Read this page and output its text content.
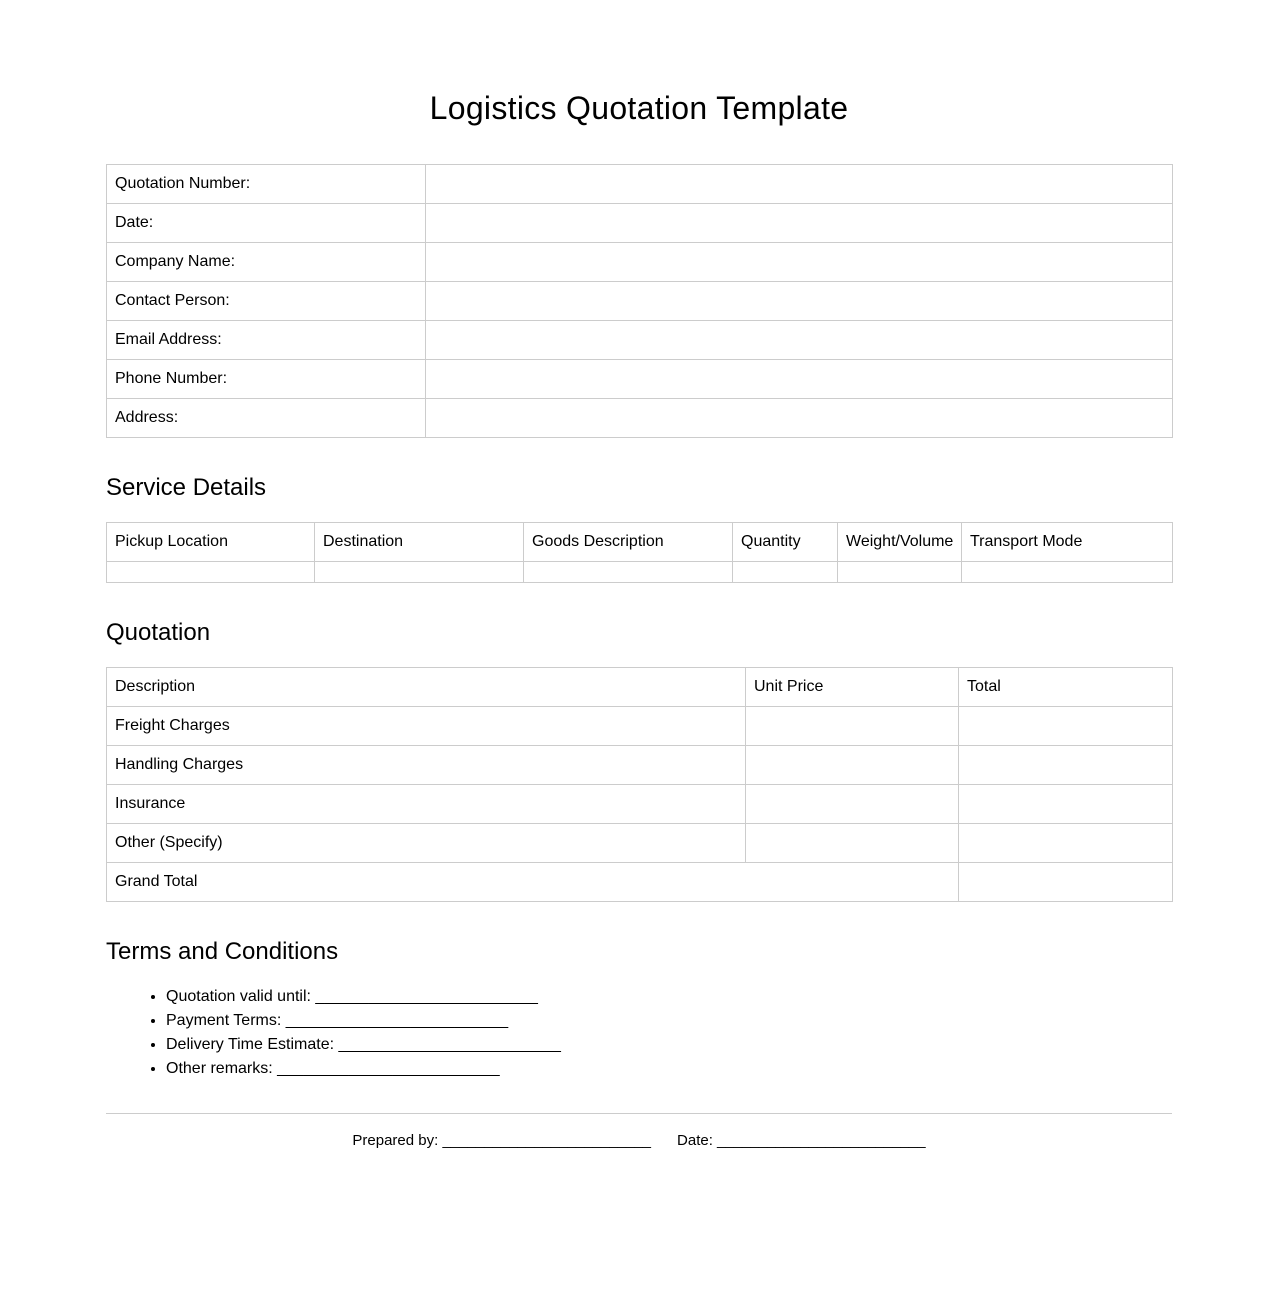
Logistics Quotation Template
Quotation Number:	
Date:	
Company Name:	
Contact Person:	
Email Address:	
Phone Number:	
Address:	
Service Details
Pickup Location	Destination	Goods Description	Quantity	Weight/Volume	Transport Mode

Quotation
Description	Unit Price	Total
Freight Charges		
Handling Charges		
Insurance		
Other (Specify)		
Grand Total		
Terms and Conditions
• Quotation valid until: _________________________
• Payment Terms: _________________________
• Delivery Time Estimate: _________________________
• Other remarks: _________________________
Prepared by: _________________________ Date: _________________________
